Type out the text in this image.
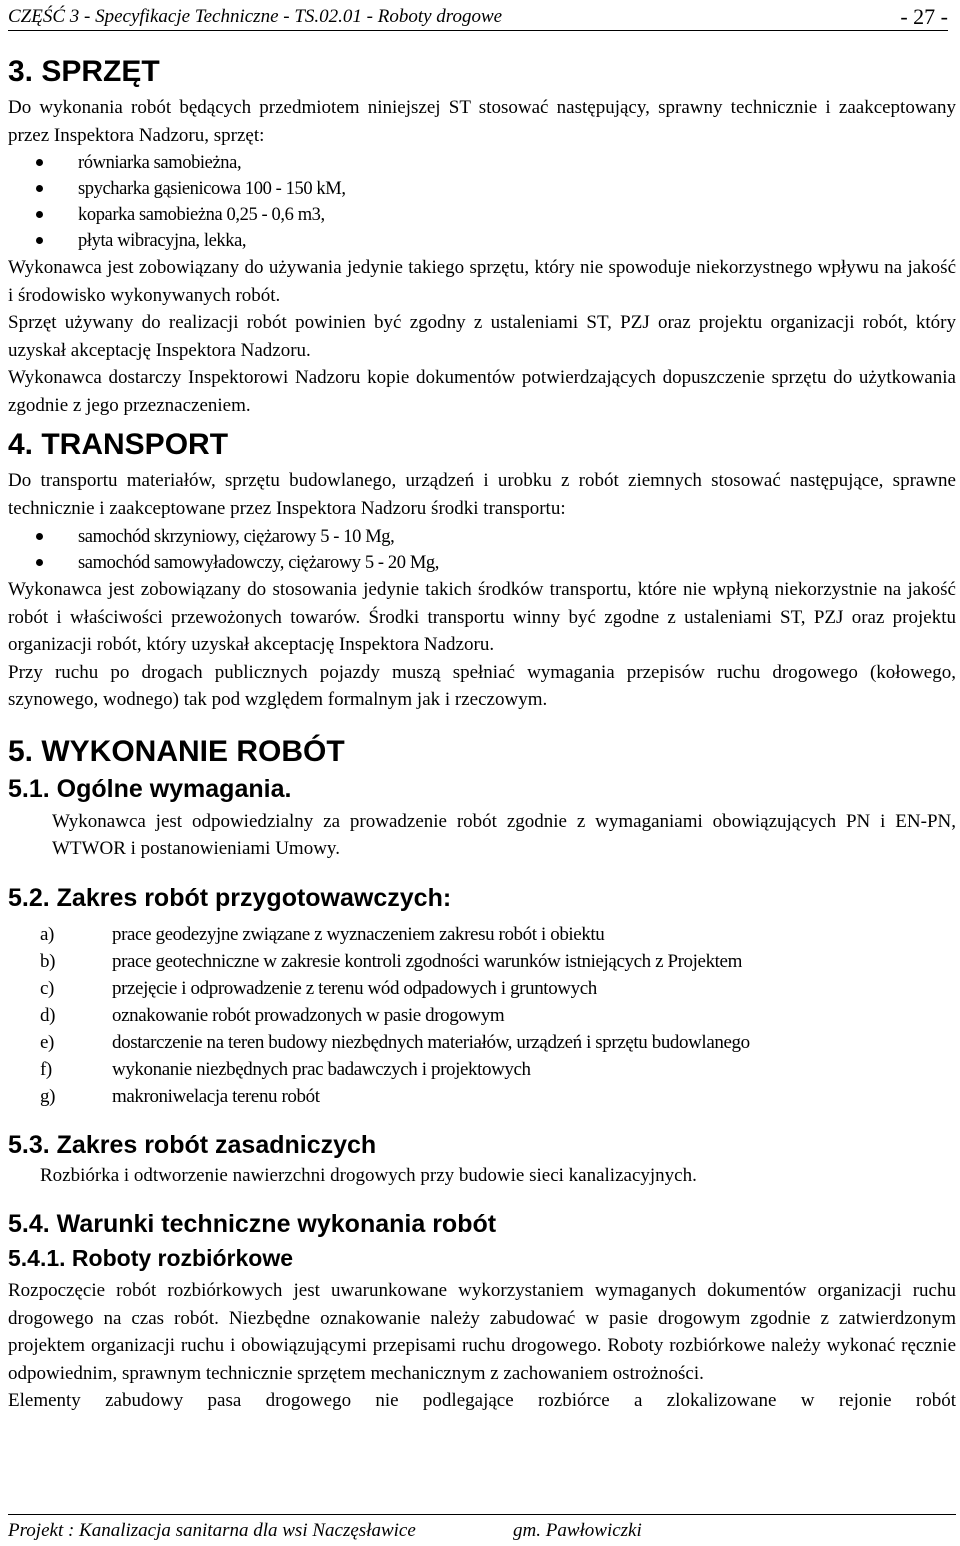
CZĘŚĆ 3 - Specyfikacje Techniczne - TS.02.01 - Roboty drogowe	- 27 -
3. SPRZĘT

Do wykonania robót będących przedmiotem niniejszej ST stosować następujący, sprawny technicznie i zaakceptowany przez Inspektora Nadzoru, sprzęt:

równiarka samobieżna,
spycharka gąsienicowa 100 - 150 kM,
koparka samobieżna 0,25 - 0,6 m3,
płyta wibracyjna, lekka,

Wykonawca jest zobowiązany do używania jedynie takiego sprzętu, który nie spowoduje niekorzystnego wpływu na jakość i środowisko wykonywanych robót.

Sprzęt używany do realizacji robót powinien być zgodny z ustaleniami ST, PZJ oraz projektu organizacji robót, który uzyskał akceptację Inspektora Nadzoru.

Wykonawca dostarczy Inspektorowi Nadzoru kopie dokumentów potwierdzających dopuszczenie sprzętu do użytkowania zgodnie z jego przeznaczeniem.

4. TRANSPORT

Do transportu materiałów, sprzętu budowlanego, urządzeń i urobku z robót ziemnych stosować następujące, sprawne technicznie i zaakceptowane przez Inspektora Nadzoru środki transportu:

samochód skrzyniowy, ciężarowy 5 - 10 Mg,
samochód samowyładowczy, ciężarowy 5 - 20 Mg,

Wykonawca jest zobowiązany do stosowania jedynie takich środków transportu, które nie wpłyną niekorzystnie na jakość robót i właściwości przewożonych towarów. Środki transportu winny być zgodne z ustaleniami ST, PZJ oraz projektu organizacji robót, który uzyskał akceptację Inspektora Nadzoru.

Przy ruchu po drogach publicznych pojazdy muszą spełniać wymagania przepisów ruchu drogowego (kołowego, szynowego, wodnego) tak pod względem formalnym jak i rzeczowym.

5. WYKONANIE ROBÓT
5.1. Ogólne wymagania.

Wykonawca jest odpowiedzialny za prowadzenie robót zgodnie z wymaganiami obowiązujących PN i EN-PN, WTWOR i postanowieniami Umowy.

5.2. Zakres robót przygotowawczych:
a)	prace geodezyjne związane z wyznaczeniem zakresu robót i obiektu
b)	prace geotechniczne w zakresie kontroli zgodności warunków istniejących z Projektem
c)	przejęcie i odprowadzenie z terenu wód odpadowych i gruntowych
d)	oznakowanie robót prowadzonych w pasie drogowym
e)	dostarczenie na teren budowy niezbędnych materiałów, urządzeń i sprzętu budowlanego
f)	wykonanie niezbędnych prac badawczych i projektowych
g)	makroniwelacja terenu robót
5.3. Zakres robót zasadniczych

Rozbiórka i odtworzenie nawierzchni drogowych przy budowie sieci kanalizacyjnych.

5.4. Warunki techniczne wykonania robót
5.4.1. Roboty rozbiórkowe

Rozpoczęcie robót rozbiórkowych jest uwarunkowane wykorzystaniem wymaganych dokumentów organizacji ruchu drogowego na czas robót. Niezbędne oznakowanie należy zabudować w pasie drogowym zgodnie z zatwierdzonym projektem organizacji ruchu i obowiązującymi przepisami ruchu drogowego. Roboty rozbiórkowe należy wykonać ręcznie odpowiednim, sprawnym technicznie sprzętem mechanicznym z zachowaniem ostrożności.

Elementy zabudowy pasa drogowego nie podlegające rozbiórce a zlokalizowane w rejonie robót

Projekt : Kanalizacja sanitarna dla wsi Naczęsławice	gm. Pawłowiczki
